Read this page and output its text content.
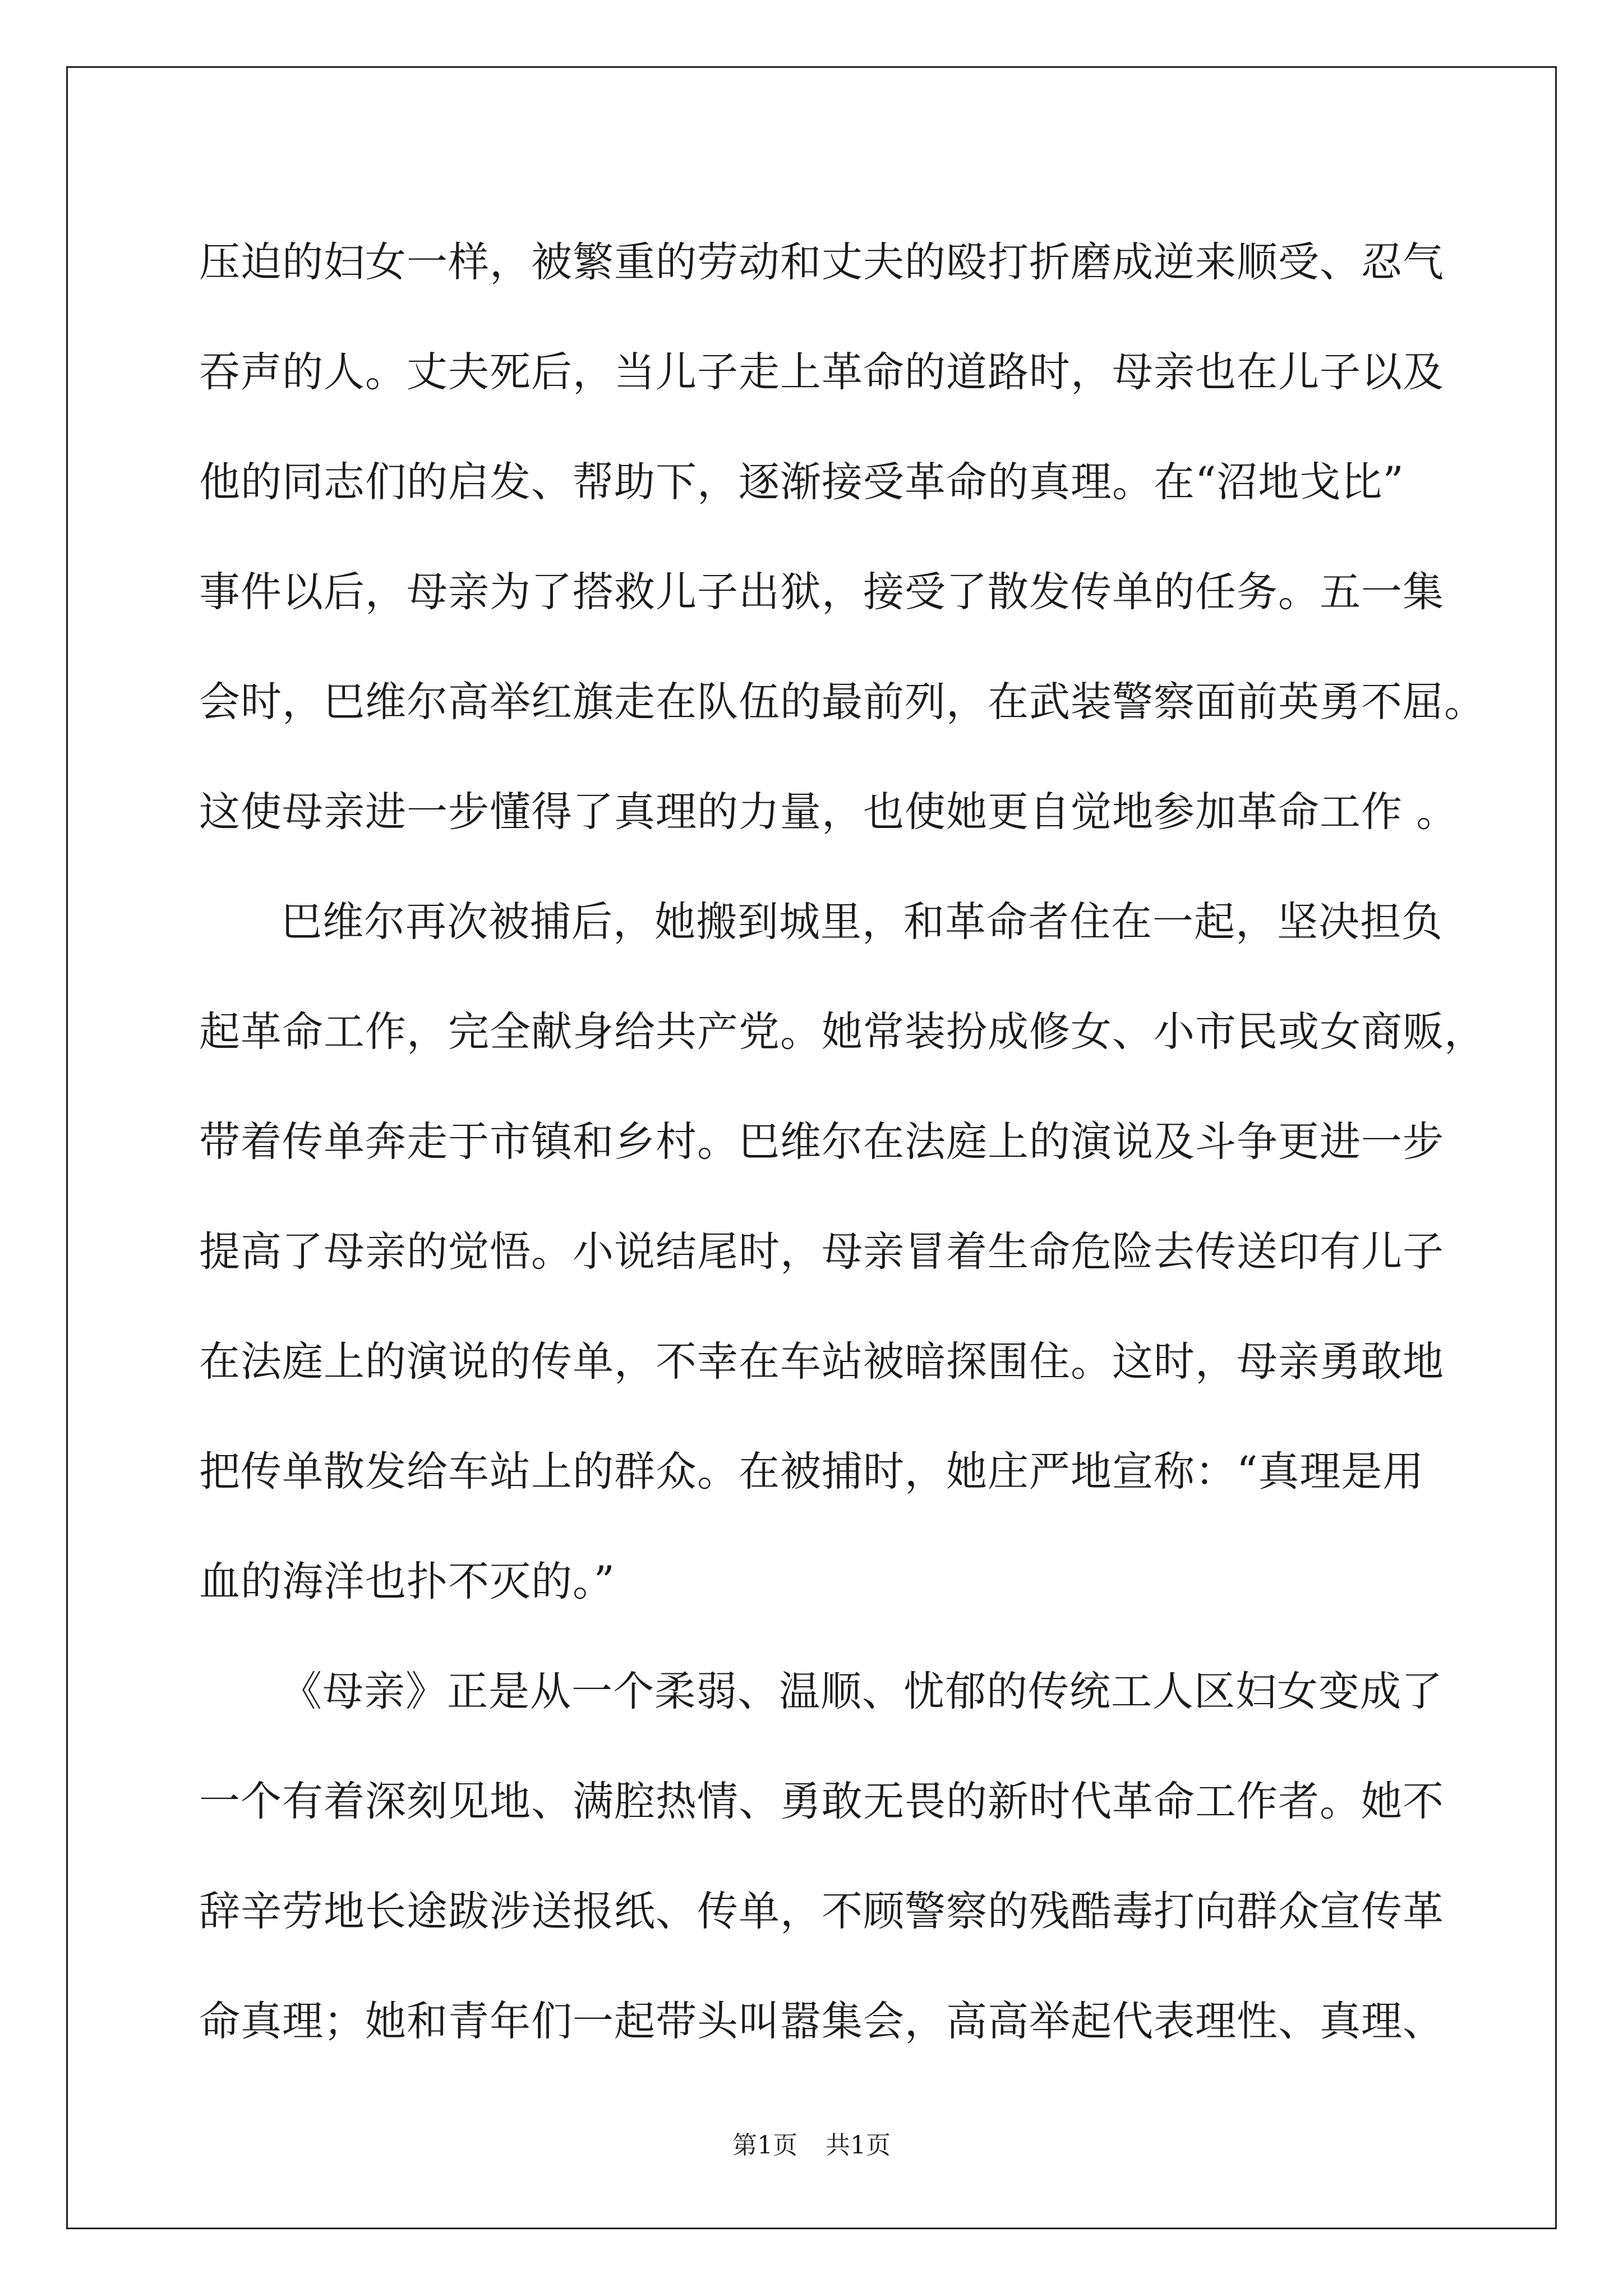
压迫的妇女一样，被繁重的劳动和丈夫的殴打折磨成逆来顺受、忍气

吞声的人。丈夫死后，当儿子走上革命的道路时，母亲也在儿子以及

他的同志们的启发、帮助下，逐渐接受革命的真理。在“沼地戈比”

事件以后，母亲为了搭救儿子出狱，接受了散发传单的任务。五一集

会时，巴维尔高举红旗走在队伍的最前列，在武装警察面前英勇不屈。

这使母亲进一步懂得了真理的力量，也使她更自觉地参加革命工作 。

巴维尔再次被捕后，她搬到城里，和革命者住在一起，坚决担负

起革命工作，完全献身给共产党。她常装扮成修女、小市民或女商贩，

带着传单奔走于市镇和乡村。巴维尔在法庭上的演说及斗争更进一步

提高了母亲的觉悟。小说结尾时，母亲冒着生命危险去传送印有儿子

在法庭上的演说的传单，不幸在车站被暗探围住。这时，母亲勇敢地

把传单散发给车站上的群众。在被捕时，她庄严地宣称：“真理是用

血的海洋也扑不灭的。”

《母亲》正是从一个柔弱、温顺、忧郁的传统工人区妇女变成了

一个有着深刻见地、满腔热情、勇敢无畏的新时代革命工作者。她不

辞辛劳地长途跋涉送报纸、传单，不顾警察的残酷毒打向群众宣传革

命真理；她和青年们一起带头叫嚣集会，高高举起代表理性、真理、

第1页 共1页
